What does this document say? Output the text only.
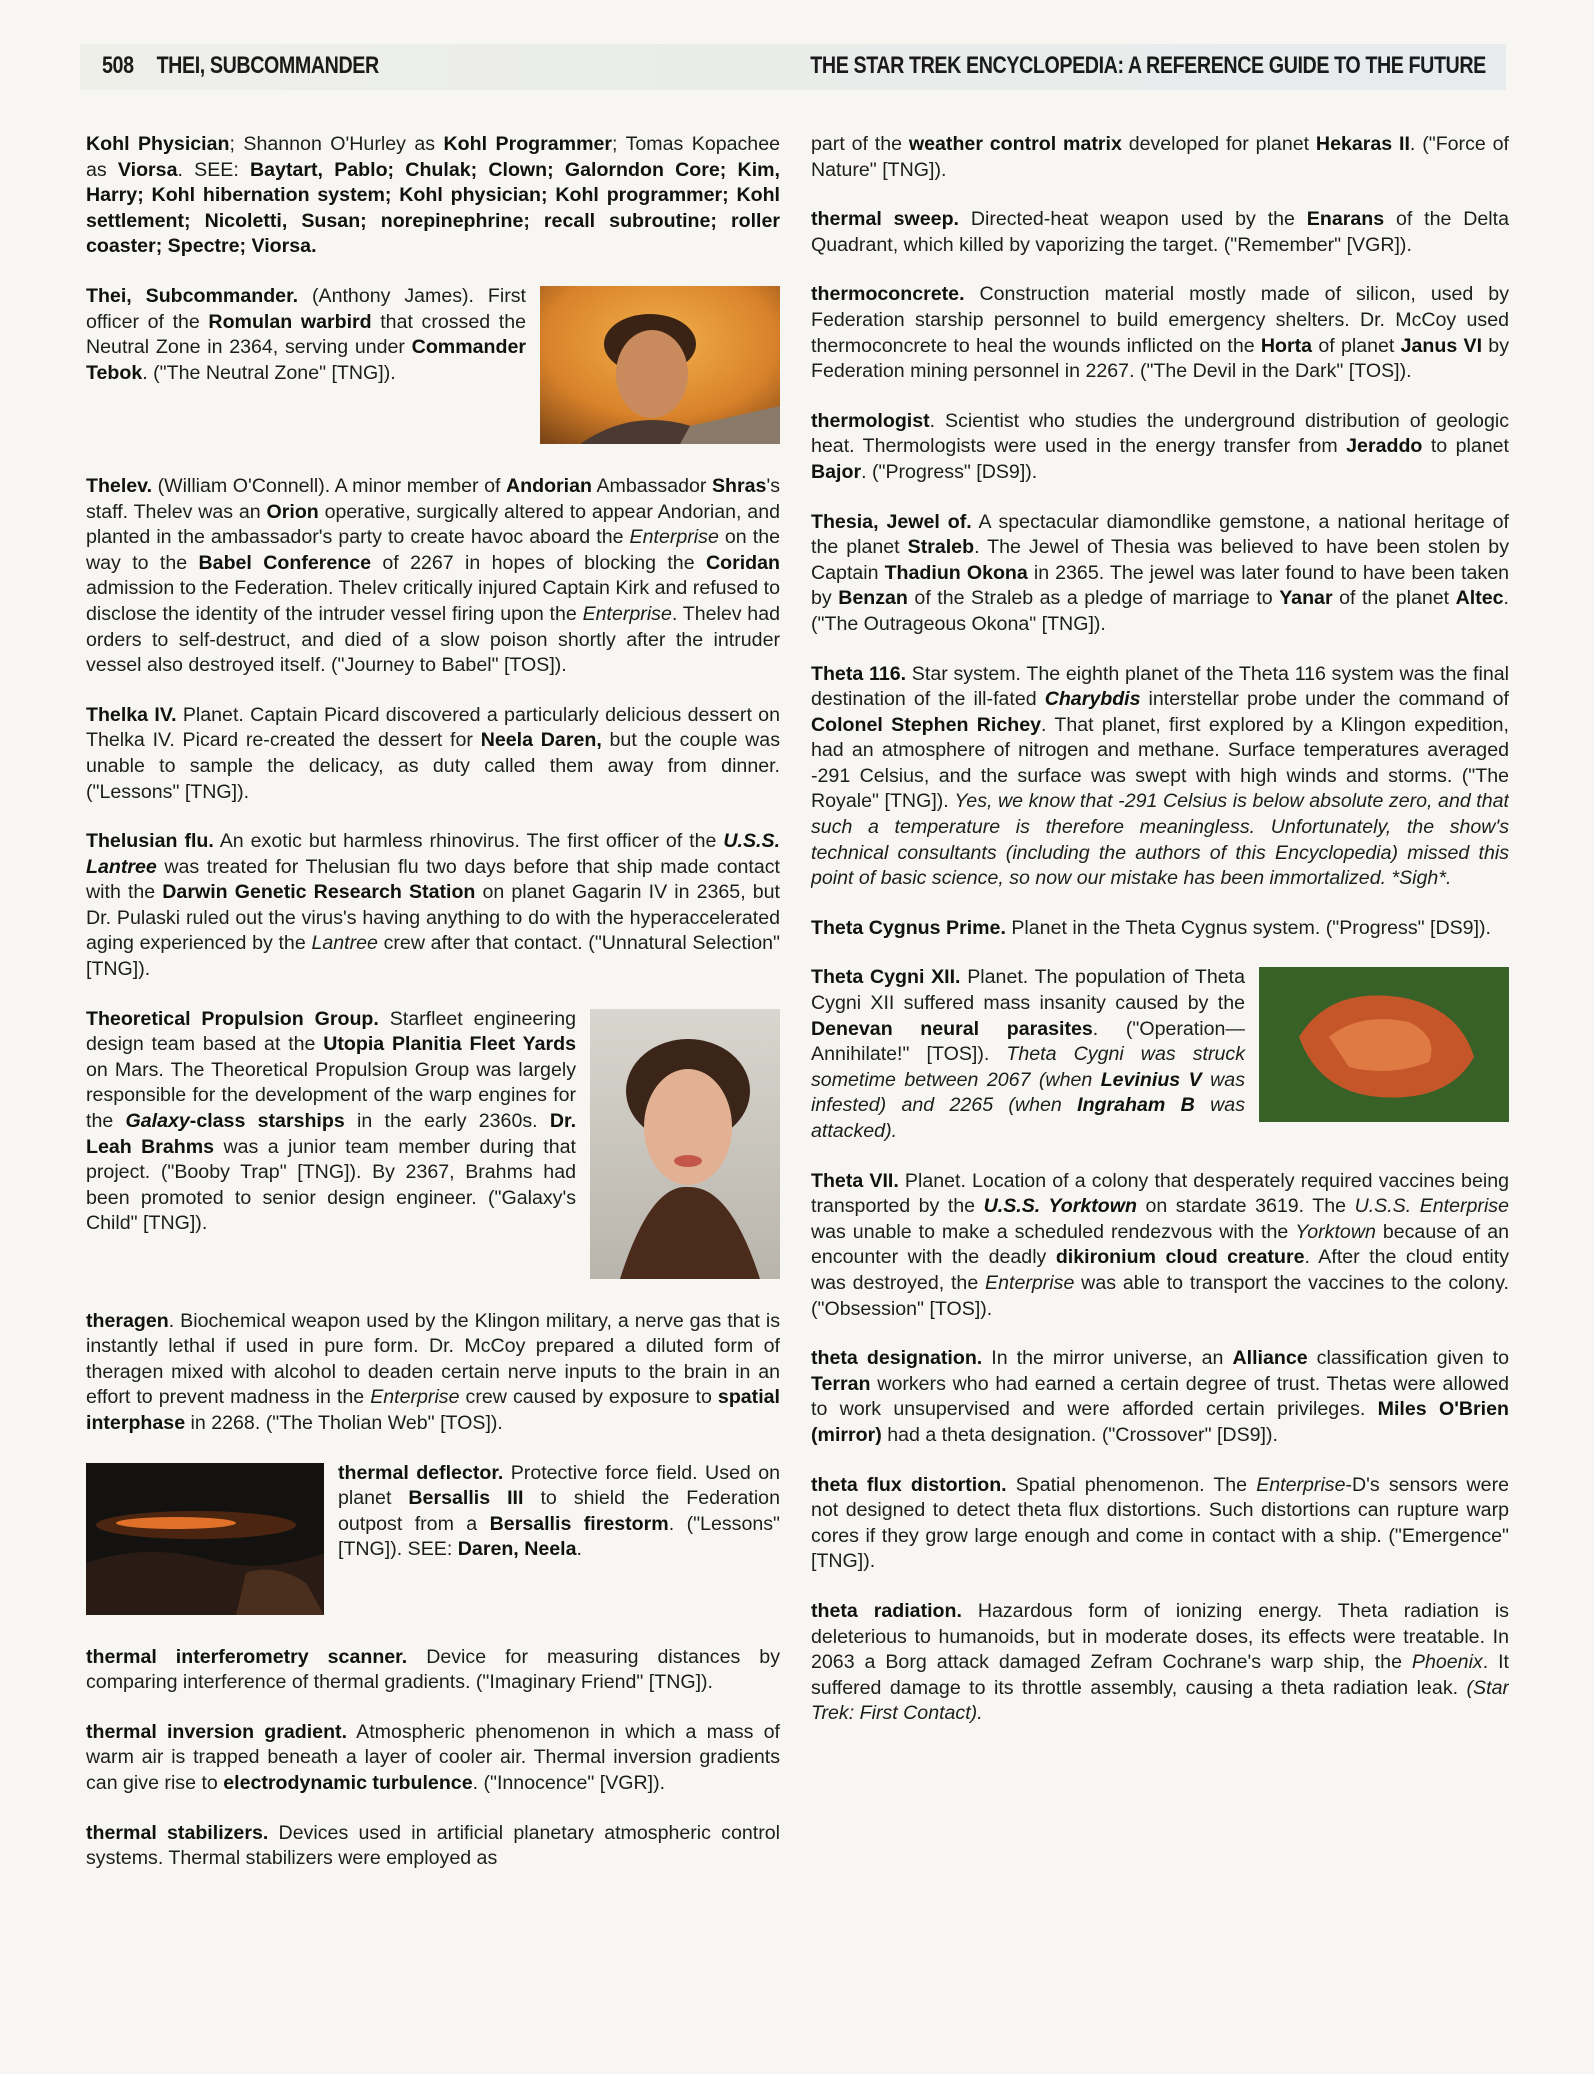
508 THEI, SUBCOMMANDER	THE STAR TREK ENCYCLOPEDIA: A REFERENCE GUIDE TO THE FUTURE

Kohl Physician; Shannon O'Hurley as Kohl Programmer; Tomas Kopachee as Viorsa. SEE: Baytart, Pablo; Chulak; Clown; Galorndon Core; Kim, Harry; Kohl hibernation system; Kohl physician; Kohl programmer; Kohl settlement; Nicoletti, Susan; norepinephrine; recall subroutine; roller coaster; Spectre; Viorsa.

Thei, Subcommander. (Anthony James). First officer of the Romulan warbird that crossed the Neutral Zone in 2364, serving under Commander Tebok. ("The Neutral Zone" [TNG]).

Thelev. (William O'Connell). A minor member of Andorian Ambassador Shras's staff. Thelev was an Orion operative, surgically altered to appear Andorian, and planted in the ambassador's party to create havoc aboard the Enterprise on the way to the Babel Conference of 2267 in hopes of blocking the Coridan admission to the Federation. Thelev critically injured Captain Kirk and refused to disclose the identity of the intruder vessel firing upon the Enterprise. Thelev had orders to self-destruct, and died of a slow poison shortly after the intruder vessel also destroyed itself. ("Journey to Babel" [TOS]).

Thelka IV. Planet. Captain Picard discovered a particularly delicious dessert on Thelka IV. Picard re-created the dessert for Neela Daren, but the couple was unable to sample the delicacy, as duty called them away from dinner. ("Lessons" [TNG]).

Thelusian flu. An exotic but harmless rhinovirus. The first officer of the U.S.S. Lantree was treated for Thelusian flu two days before that ship made contact with the Darwin Genetic Research Station on planet Gagarin IV in 2365, but Dr. Pulaski ruled out the virus's having anything to do with the hyperaccelerated aging experienced by the Lantree crew after that contact. ("Unnatural Selection" [TNG]).

Theoretical Propulsion Group. Starfleet engineering design team based at the Utopia Planitia Fleet Yards on Mars. The Theoretical Propulsion Group was largely responsible for the development of the warp engines for the Galaxy-class starships in the early 2360s. Dr. Leah Brahms was a junior team member during that project. ("Booby Trap" [TNG]). By 2367, Brahms had been promoted to senior design engineer. ("Galaxy's Child" [TNG]).

theragen. Biochemical weapon used by the Klingon military, a nerve gas that is instantly lethal if used in pure form. Dr. McCoy prepared a diluted form of theragen mixed with alcohol to deaden certain nerve inputs to the brain in an effort to prevent madness in the Enterprise crew caused by exposure to spatial interphase in 2268. ("The Tholian Web" [TOS]).

thermal deflector. Protective force field. Used on planet Bersallis III to shield the Federation outpost from a Bersallis firestorm. ("Lessons" [TNG]). SEE: Daren, Neela.

thermal interferometry scanner. Device for measuring distances by comparing interference of thermal gradients. ("Imaginary Friend" [TNG]).

thermal inversion gradient. Atmospheric phenomenon in which a mass of warm air is trapped beneath a layer of cooler air. Thermal inversion gradients can give rise to electrodynamic turbulence. ("Innocence" [VGR]).

thermal stabilizers. Devices used in artificial planetary atmospheric control systems. Thermal stabilizers were employed as

part of the weather control matrix developed for planet Hekaras II. ("Force of Nature" [TNG]).

thermal sweep. Directed-heat weapon used by the Enarans of the Delta Quadrant, which killed by vaporizing the target. ("Remember" [VGR]).

thermoconcrete. Construction material mostly made of silicon, used by Federation starship personnel to build emergency shelters. Dr. McCoy used thermoconcrete to heal the wounds inflicted on the Horta of planet Janus VI by Federation mining personnel in 2267. ("The Devil in the Dark" [TOS]).

thermologist. Scientist who studies the underground distribution of geologic heat. Thermologists were used in the energy transfer from Jeraddo to planet Bajor. ("Progress" [DS9]).

Thesia, Jewel of. A spectacular diamondlike gemstone, a national heritage of the planet Straleb. The Jewel of Thesia was believed to have been stolen by Captain Thadiun Okona in 2365. The jewel was later found to have been taken by Benzan of the Straleb as a pledge of marriage to Yanar of the planet Altec. ("The Outrageous Okona" [TNG]).

Theta 116. Star system. The eighth planet of the Theta 116 system was the final destination of the ill-fated Charybdis interstellar probe under the command of Colonel Stephen Richey. That planet, first explored by a Klingon expedition, had an atmosphere of nitrogen and methane. Surface temperatures averaged -291 Celsius, and the surface was swept with high winds and storms. ("The Royale" [TNG]). Yes, we know that -291 Celsius is below absolute zero, and that such a temperature is therefore meaningless. Unfortunately, the show's technical consultants (including the authors of this Encyclopedia) missed this point of basic science, so now our mistake has been immortalized. *Sigh*.

Theta Cygnus Prime. Planet in the Theta Cygnus system. ("Progress" [DS9]).

Theta Cygni XII. Planet. The population of Theta Cygni XII suffered mass insanity caused by the Denevan neural parasites. ("Operation—Annihilate!" [TOS]). Theta Cygni was struck sometime between 2067 (when Levinius V was infested) and 2265 (when Ingraham B was attacked).

Theta VII. Planet. Location of a colony that desperately required vaccines being transported by the U.S.S. Yorktown on stardate 3619. The U.S.S. Enterprise was unable to make a scheduled rendezvous with the Yorktown because of an encounter with the deadly dikironium cloud creature. After the cloud entity was destroyed, the Enterprise was able to transport the vaccines to the colony. ("Obsession" [TOS]).

theta designation. In the mirror universe, an Alliance classification given to Terran workers who had earned a certain degree of trust. Thetas were allowed to work unsupervised and were afforded certain privileges. Miles O'Brien (mirror) had a theta designation. ("Crossover" [DS9]).

theta flux distortion. Spatial phenomenon. The Enterprise-D's sensors were not designed to detect theta flux distortions. Such distortions can rupture warp cores if they grow large enough and come in contact with a ship. ("Emergence" [TNG]).

theta radiation. Hazardous form of ionizing energy. Theta radiation is deleterious to humanoids, but in moderate doses, its effects were treatable. In 2063 a Borg attack damaged Zefram Cochrane's warp ship, the Phoenix. It suffered damage to its throttle assembly, causing a theta radiation leak. (Star Trek: First Contact).
